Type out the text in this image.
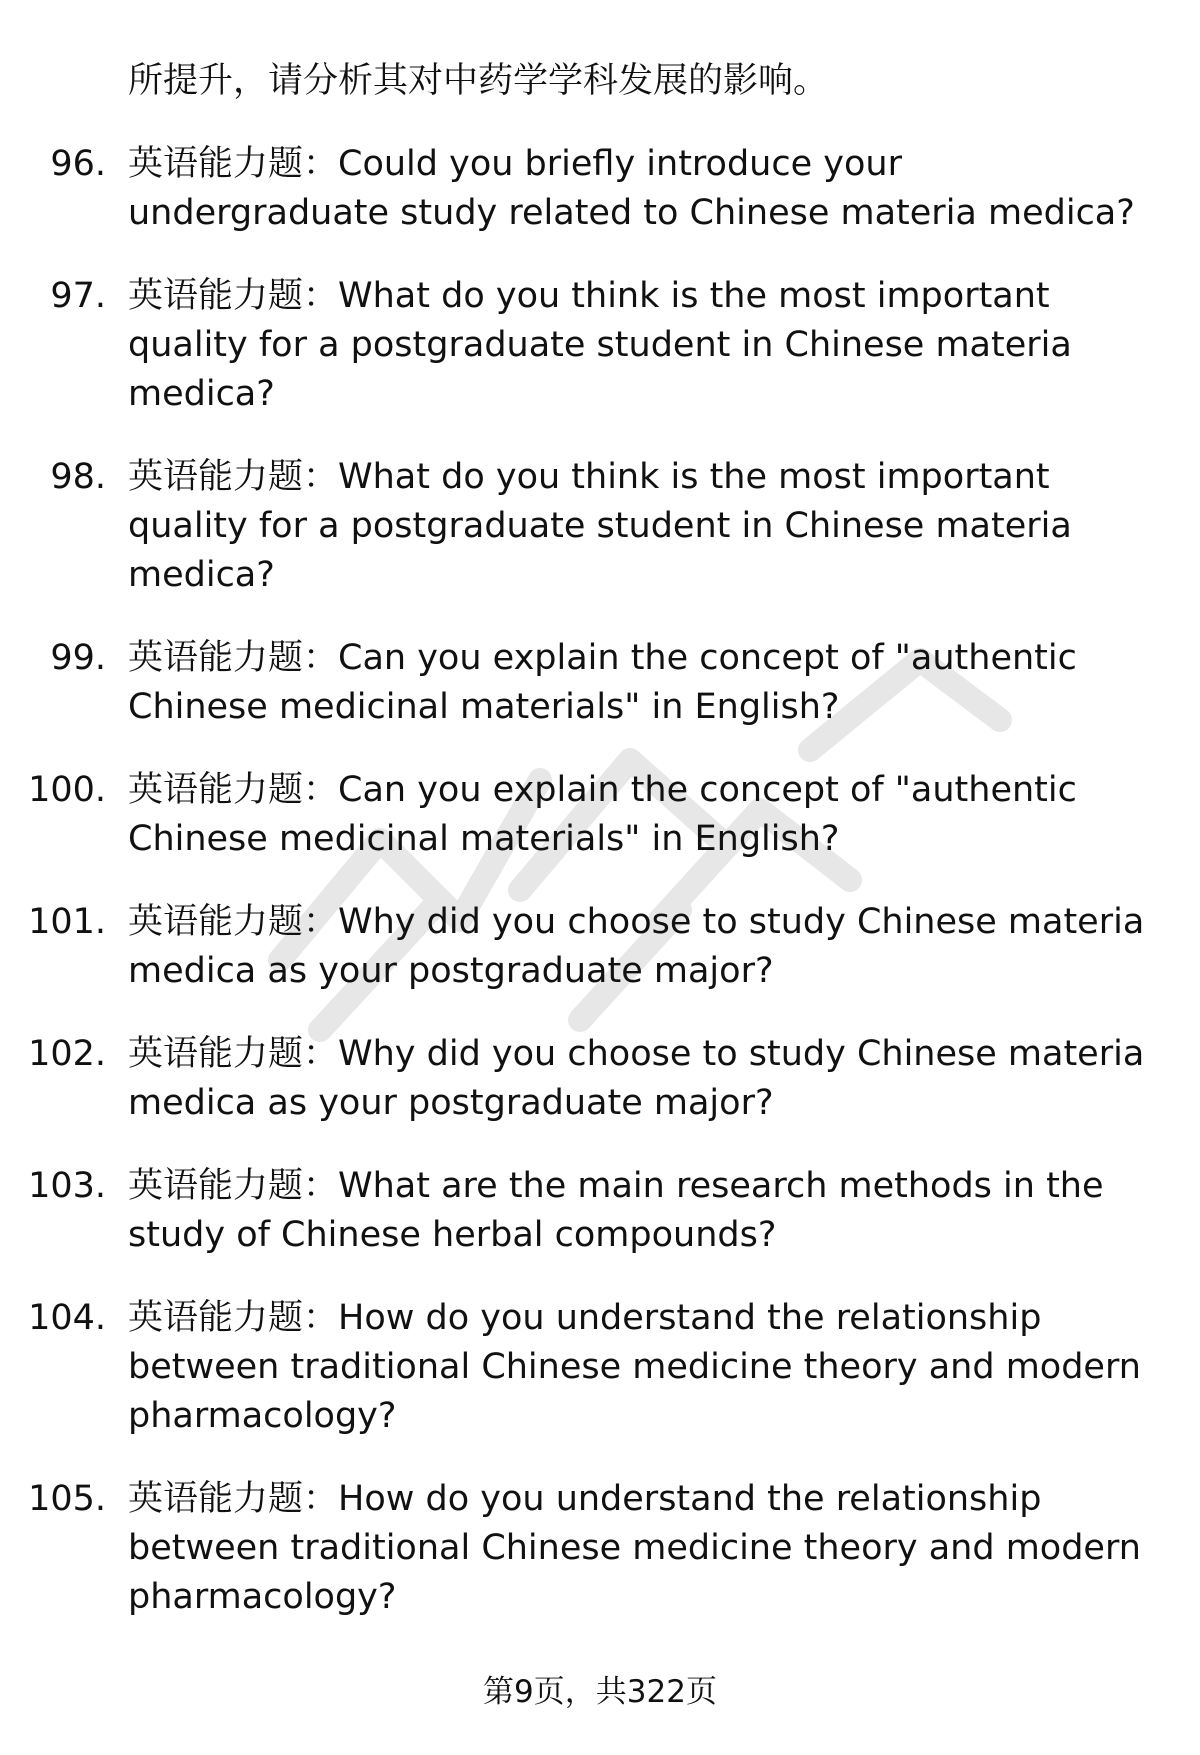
所提升，请分析其对中药学学科发展的影响。

96. 英语能力题：Could you briefly introduce your undergraduate study related to Chinese materia medica?
97. 英语能力题：What do you think is the most important quality for a postgraduate student in Chinese materia medica?
98. 英语能力题：What do you think is the most important quality for a postgraduate student in Chinese materia medica?
99. 英语能力题：Can you explain the concept of "authentic Chinese medicinal materials" in English?
100. 英语能力题：Can you explain the concept of "authentic Chinese medicinal materials" in English?
101. 英语能力题：Why did you choose to study Chinese materia medica as your postgraduate major?
102. 英语能力题：Why did you choose to study Chinese materia medica as your postgraduate major?
103. 英语能力题：What are the main research methods in the study of Chinese herbal compounds?
104. 英语能力题：How do you understand the relationship between traditional Chinese medicine theory and modern pharmacology?
105. 英语能力题：How do you understand the relationship between traditional Chinese medicine theory and modern pharmacology?
第9页，共322页
